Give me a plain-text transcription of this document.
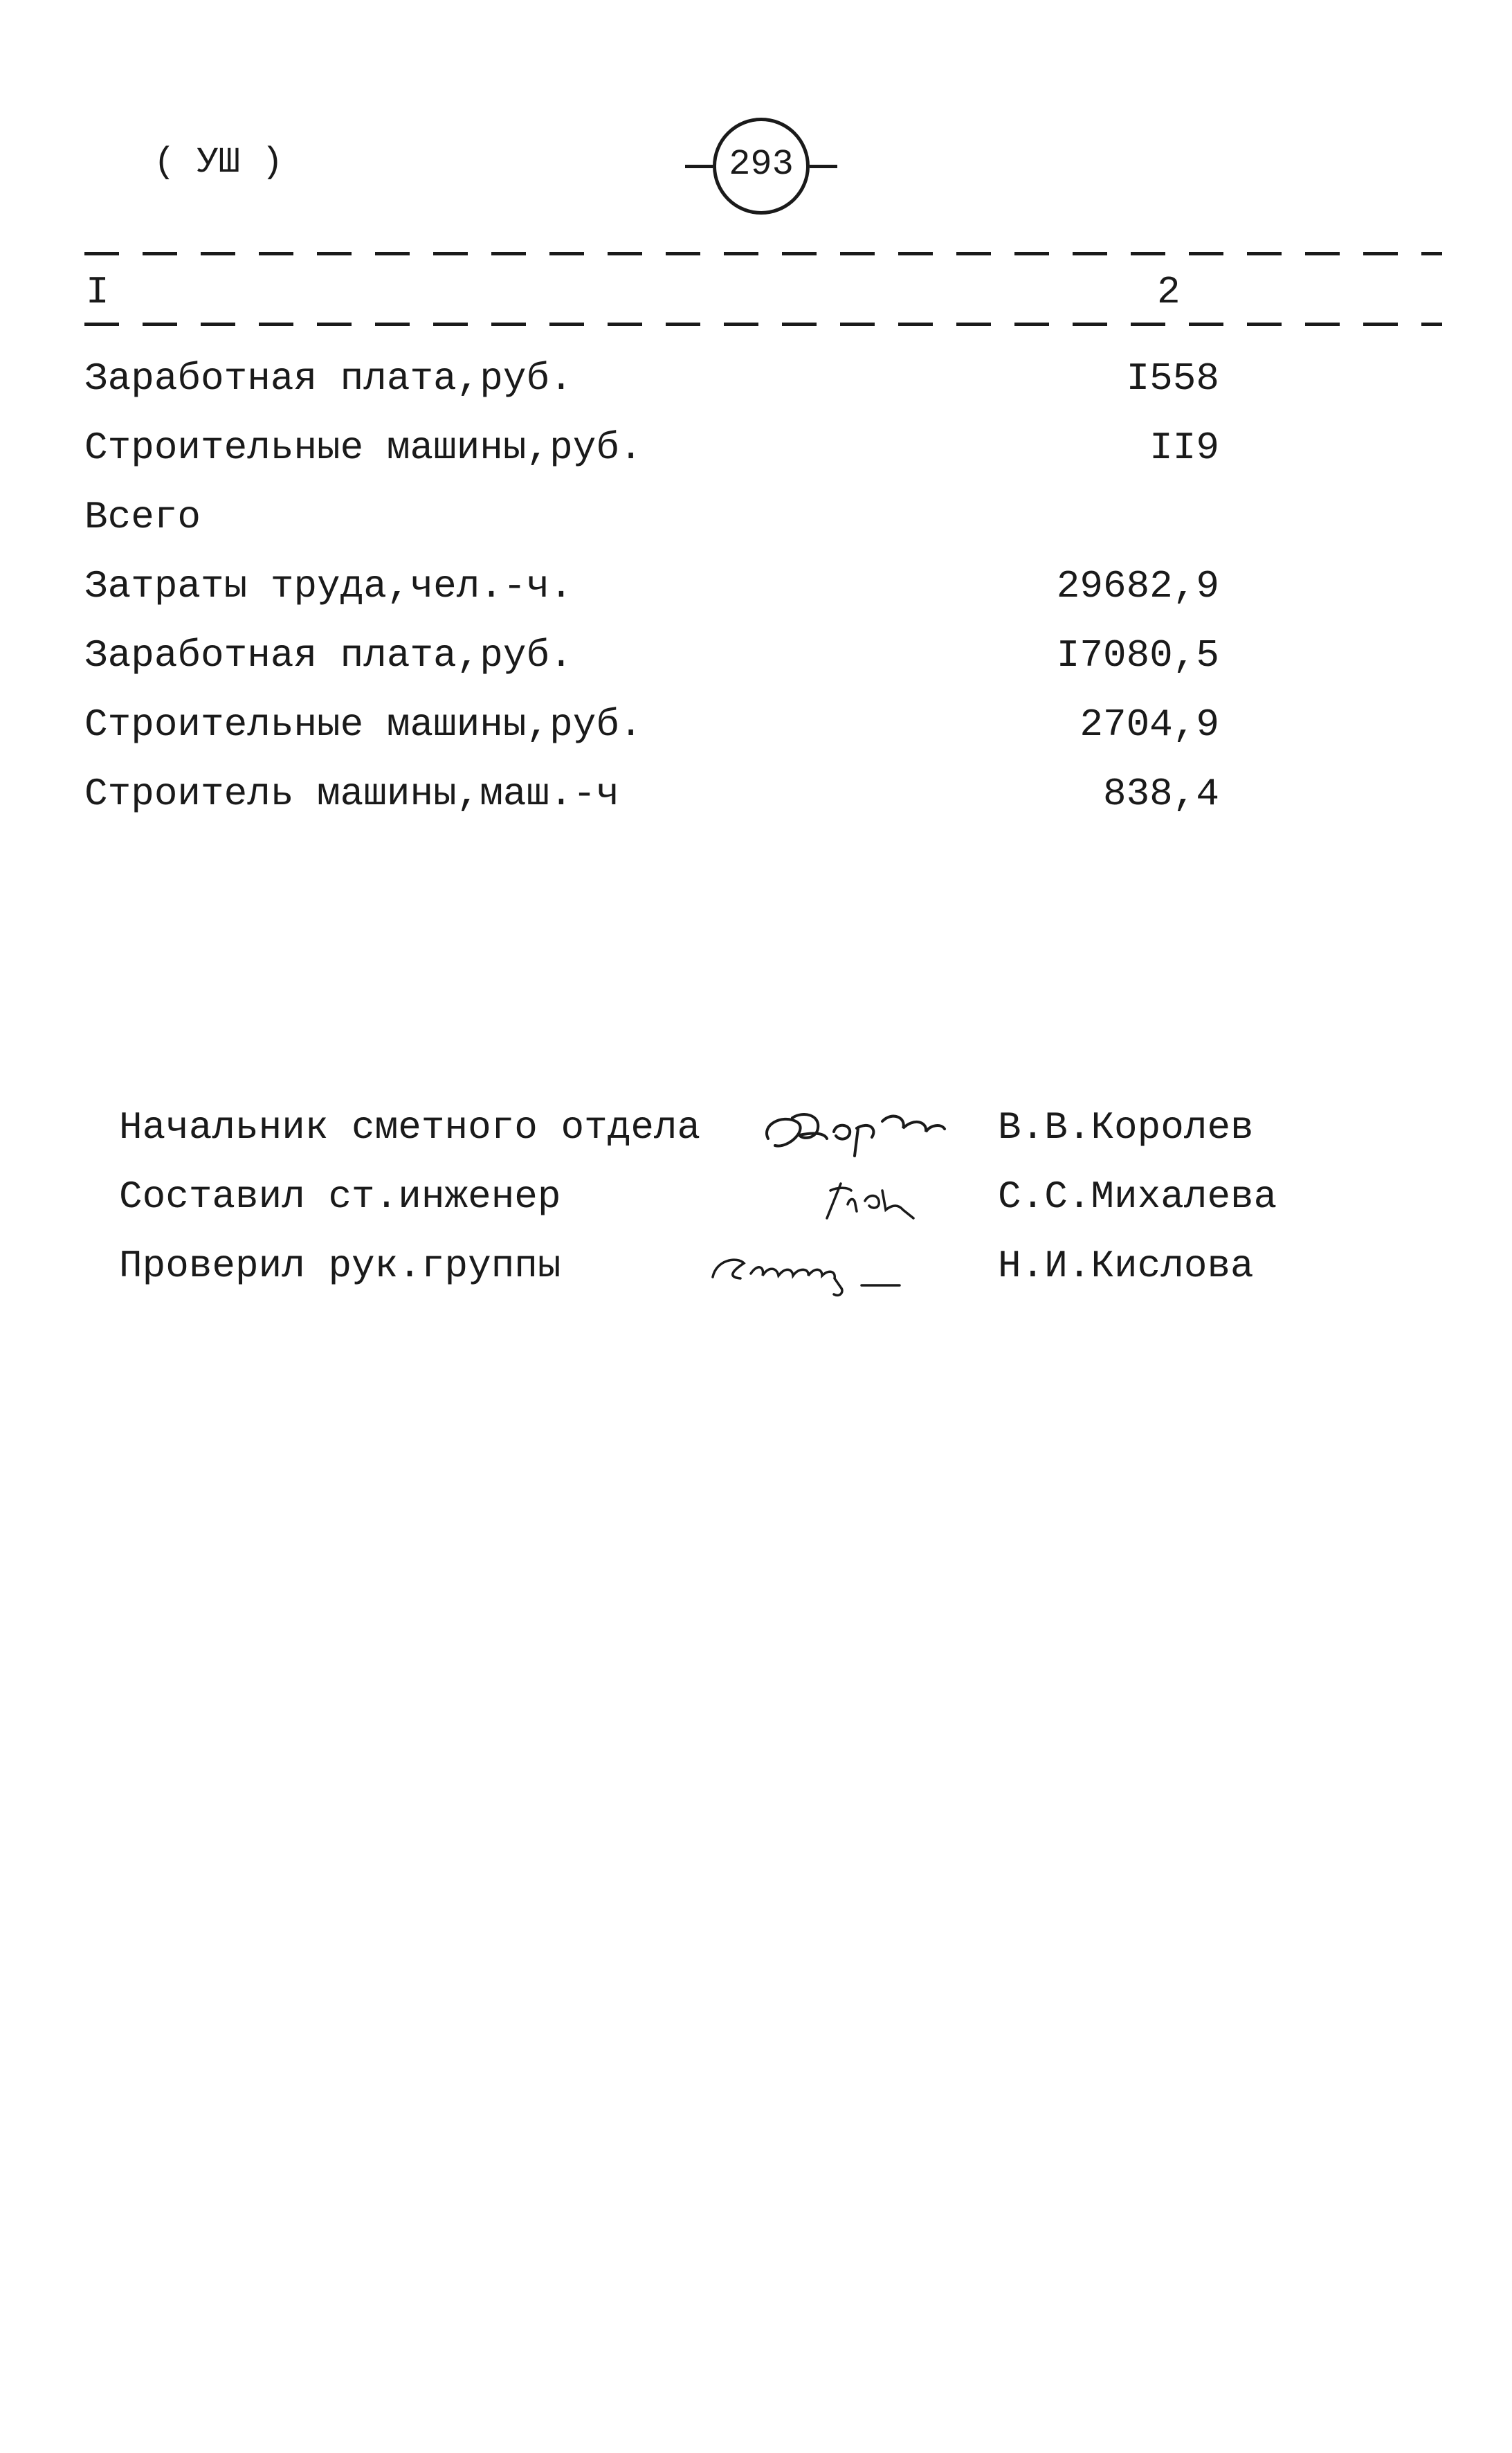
( УШ )	293
I	2
Заработная плата,руб.	I558
Строительные машины,руб.	II9
Всего
Затраты труда,чел.-ч.	29682,9
Заработная плата,руб.	I7080,5
Строительные машины,руб.	2704,9
Строитель машины,маш.-ч	838,4
Начальник сметного отдела	В.В.Королев
Составил ст.инженер	С.С.Михалева
Проверил рук.группы	Н.И.Кислова
